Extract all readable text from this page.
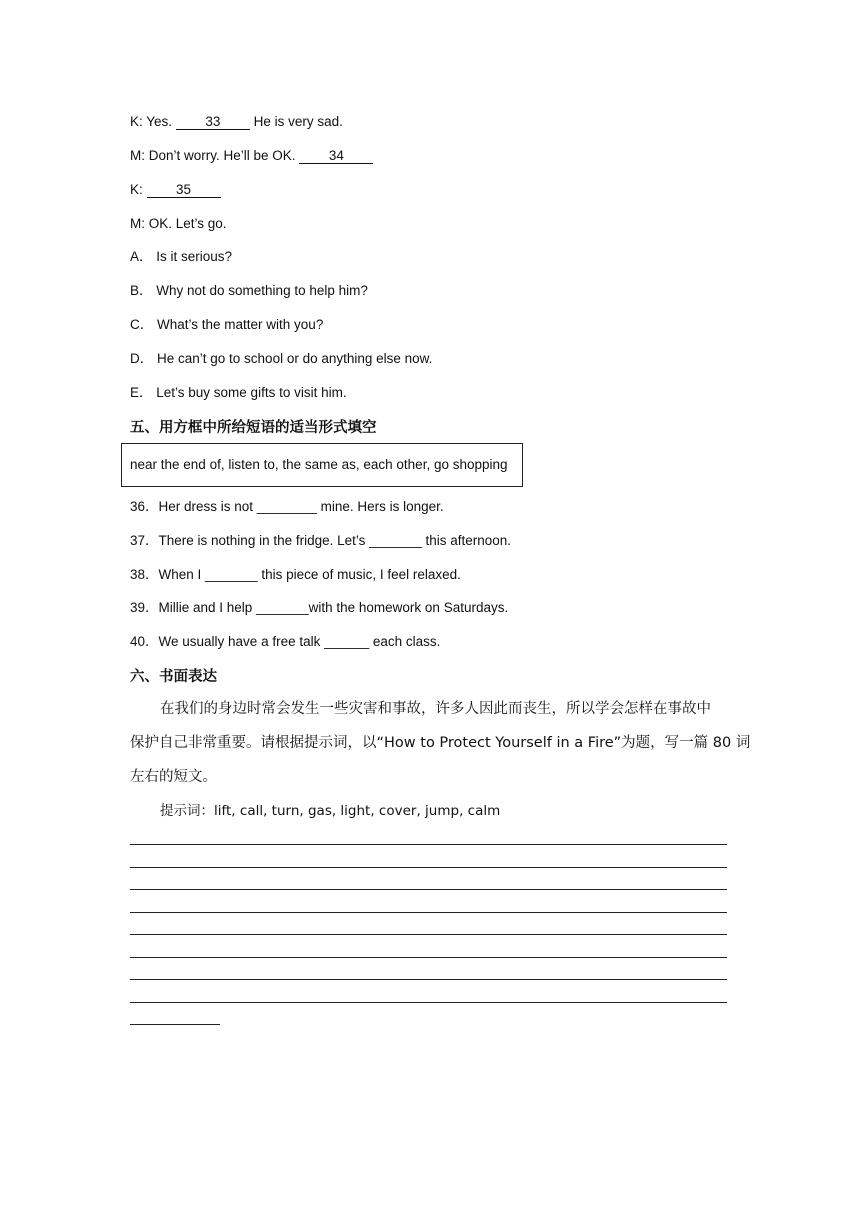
K: Yes. 33 He is very sad.
M: Don’t worry. He’ll be OK. 34
K: 35
M: OK. Let’s go.
A． Is it serious?
B． Why not do something to help him?
C． What’s the matter with you?
D． He can’t go to school or do anything else now.
E． Let’s buy some gifts to visit him.
五、用方框中所给短语的适当形式填空
near the end of, listen to, the same as, each other, go shopping
36．Her dress is not ________ mine. Hers is longer.
37．There is nothing in the fridge. Let’s _______ this afternoon.
38．When I _______ this piece of music, I feel relaxed.
39．Millie and I help _______with the homework on Saturdays.
40．We usually have a free talk ______ each class.
六、书面表达
在我们的身边时常会发生一些灾害和事故，许多人因此而丧生，所以学会怎样在事故中
保护自己非常重要。请根据提示词，以“How to Protect Yourself in a Fire”为题，写一篇 80 词
左右的短文。
提示词：lift, call, turn, gas, light, cover, jump, calm
